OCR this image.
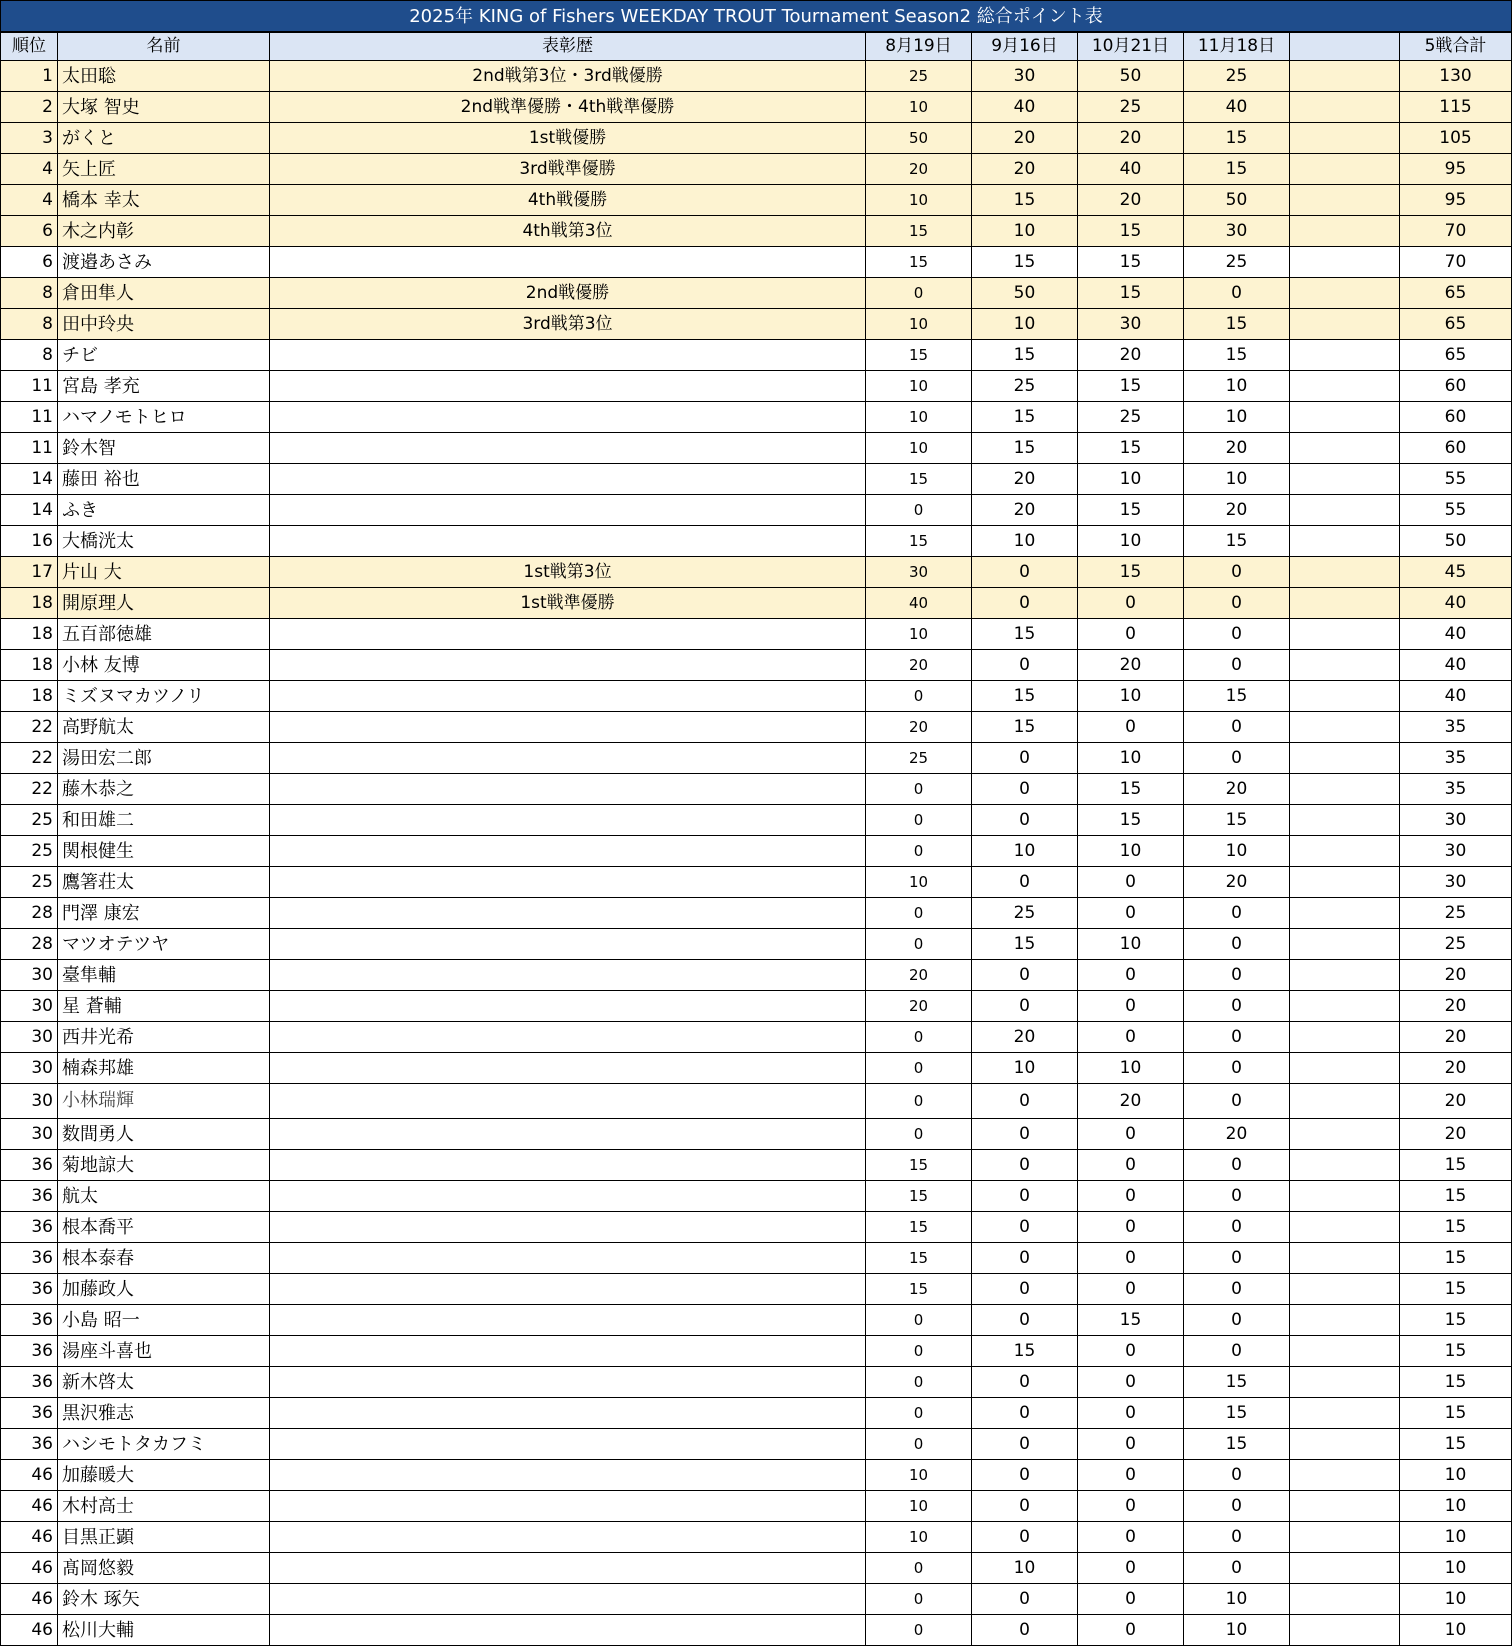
2025年 KING of Fishers WEEKDAY TROUT Tournament Season2 総合ポイント表
順位	名前	表彰歴	8月19日	9月16日	10月21日	11月18日		5戦合計
1	太田聡	2nd戦第3位・3rd戦優勝	25	30	50	25		130
2	大塚 智史	2nd戦準優勝・4th戦準優勝	10	40	25	40		115
3	がくと	1st戦優勝	50	20	20	15		105
4	矢上匠	3rd戦準優勝	20	20	40	15		95
4	橋本 幸太	4th戦優勝	10	15	20	50		95
6	木之内彰	4th戦第3位	15	10	15	30		70
6	渡邉あさみ		15	15	15	25		70
8	倉田隼人	2nd戦優勝	0	50	15	0		65
8	田中玲央	3rd戦第3位	10	10	30	15		65
8	チビ		15	15	20	15		65
11	宮島 孝充		10	25	15	10		60
11	ハマノモトヒロ		10	15	25	10		60
11	鈴木智		10	15	15	20		60
14	藤田 裕也		15	20	10	10		55
14	ふき		0	20	15	20		55
16	大橋洸太		15	10	10	15		50
17	片山 大	1st戦第3位	30	0	15	0		45
18	開原理人	1st戦準優勝	40	0	0	0		40
18	五百部徳雄		10	15	0	0		40
18	小林 友博		20	0	20	0		40
18	ミズヌマカツノリ		0	15	10	15		40
22	高野航太		20	15	0	0		35
22	湯田宏二郎		25	0	10	0		35
22	藤木恭之		0	0	15	20		35
25	和田雄二		0	0	15	15		30
25	関根健生		0	10	10	10		30
25	鷹箸荘太		10	0	0	20		30
28	門澤 康宏		0	25	0	0		25
28	マツオテツヤ		0	15	10	0		25
30	臺隼輔		20	0	0	0		20
30	星 蒼輔		20	0	0	0		20
30	西井光希		0	20	0	0		20
30	楠森邦雄		0	10	10	0		20
30	小林瑞輝		0	0	20	0		20
30	数間勇人		0	0	0	20		20
36	菊地諒大		15	0	0	0		15
36	航太		15	0	0	0		15
36	根本喬平		15	0	0	0		15
36	根本泰春		15	0	0	0		15
36	加藤政人		15	0	0	0		15
36	小島 昭一		0	0	15	0		15
36	湯座斗喜也		0	15	0	0		15
36	新木啓太		0	0	0	15		15
36	黒沢雅志		0	0	0	15		15
36	ハシモトタカフミ		0	0	0	15		15
46	加藤暖大		10	0	0	0		10
46	木村高士		10	0	0	0		10
46	目黒正顕		10	0	0	0		10
46	髙岡悠毅		0	10	0	0		10
46	鈴木 琢矢		0	0	0	10		10
46	松川大輔		0	0	0	10		10
